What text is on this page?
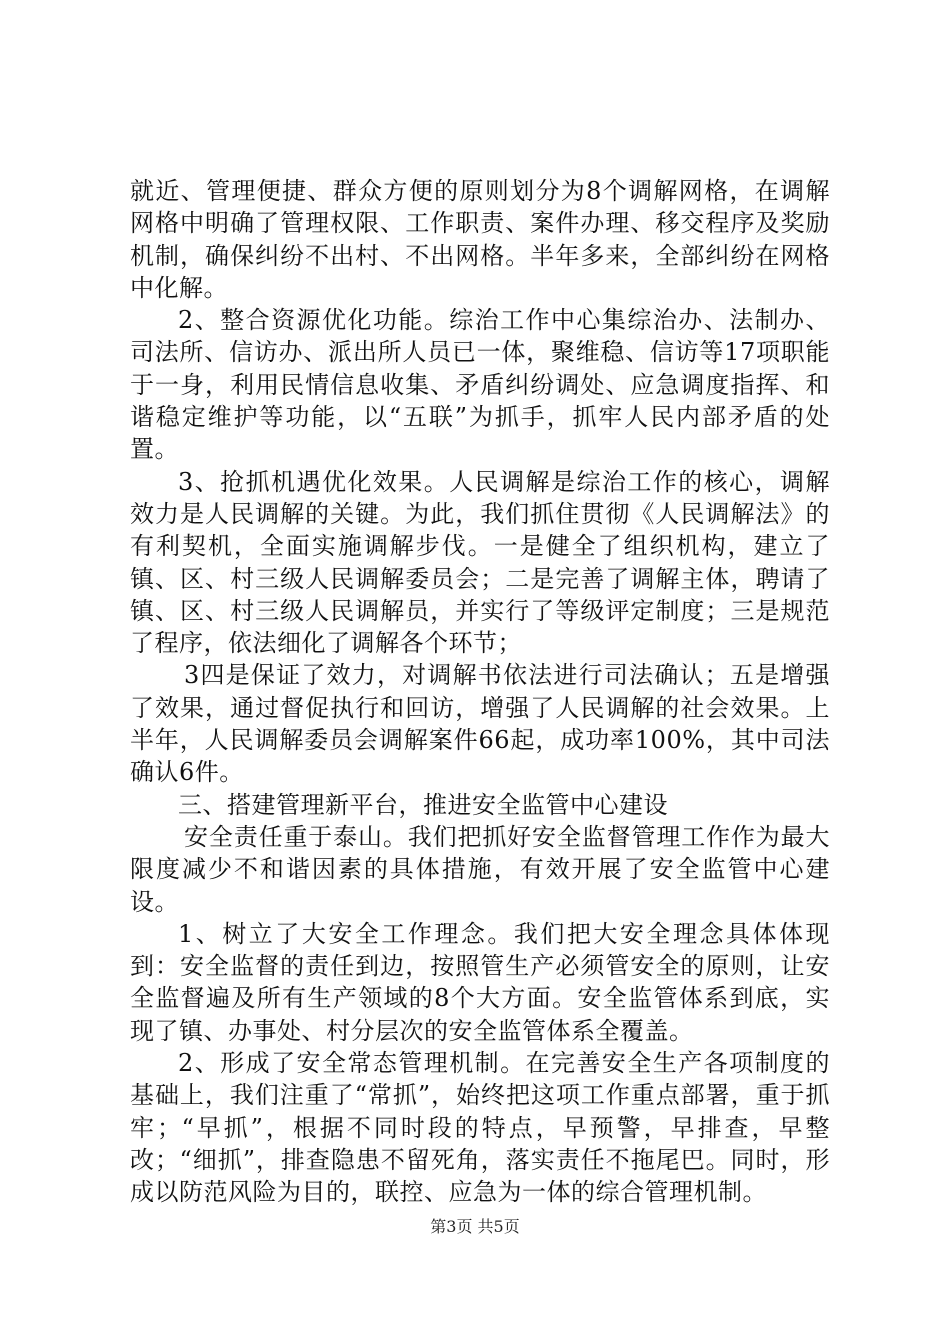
就近、管理便捷、群众方便的原则划分为8个调解网格，在调解网格中明确了管理权限、工作职责、案件办理、移交程序及奖励机制，确保纠纷不出村、不出网格。半年多来，全部纠纷在网格中化解。

2、整合资源优化功能。综治工作中心集综治办、法制办、司法所、信访办、派出所人员已一体，聚维稳、信访等17项职能于一身，利用民情信息收集、矛盾纠纷调处、应急调度指挥、和谐稳定维护等功能，以“五联”为抓手，抓牢人民内部矛盾的处置。

3、抢抓机遇优化效果。人民调解是综治工作的核心，调解效力是人民调解的关键。为此，我们抓住贯彻《人民调解法》的有利契机，全面实施调解步伐。一是健全了组织机构，建立了镇、区、村三级人民调解委员会；二是完善了调解主体，聘请了镇、区、村三级人民调解员，并实行了等级评定制度；三是规范了程序，依法细化了调解各个环节；

3四是保证了效力，对调解书依法进行司法确认；五是增强了效果，通过督促执行和回访，增强了人民调解的社会效果。上半年，人民调解委员会调解案件66起，成功率100%，其中司法确认6件。

三、搭建管理新平台，推进安全监管中心建设

安全责任重于泰山。我们把抓好安全监督管理工作作为最大限度减少不和谐因素的具体措施，有效开展了安全监管中心建设。

1、树立了大安全工作理念。我们把大安全理念具体体现到：安全监督的责任到边，按照管生产必须管安全的原则，让安全监督遍及所有生产领域的8个大方面。安全监管体系到底，实现了镇、办事处、村分层次的安全监管体系全覆盖。

2、形成了安全常态管理机制。在完善安全生产各项制度的基础上，我们注重了“常抓”，始终把这项工作重点部署，重于抓牢；“早抓”，根据不同时段的特点，早预警，早排查，早整改；“细抓”，排查隐患不留死角，落实责任不拖尾巴。同时，形成以防范风险为目的，联控、应急为一体的综合管理机制。

第3页 共5页
